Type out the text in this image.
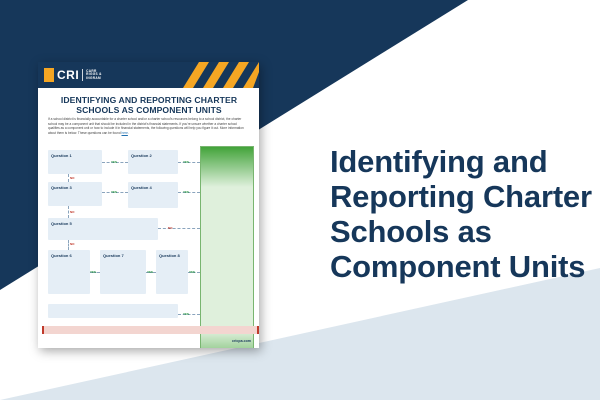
Identifying and
Reporting Charter
Schools as
Component Units
CRI CARR
RIGGS &
INGRAM
IDENTIFYING AND REPORTING CHARTER
SCHOOLS AS COMPONENT UNITS
If a school district is financially accountable for a charter school and/or a charter school's resources belong to a school district, the charter school may be a component unit that should be included in the district's financial statements. If you're unsure whether a charter school qualifies as a component unit or how to include it in financial statements, the following questions will help you figure it out. More information about them is below. These questions can be found here.
Question 1	Question 2
Question 3	Question 4
Question 5
Question 6	Question 7	Question 8
YES	YES
YES	YES
YES	YES	YES
YES
NO
NO
NO
NO
cricpa.com
